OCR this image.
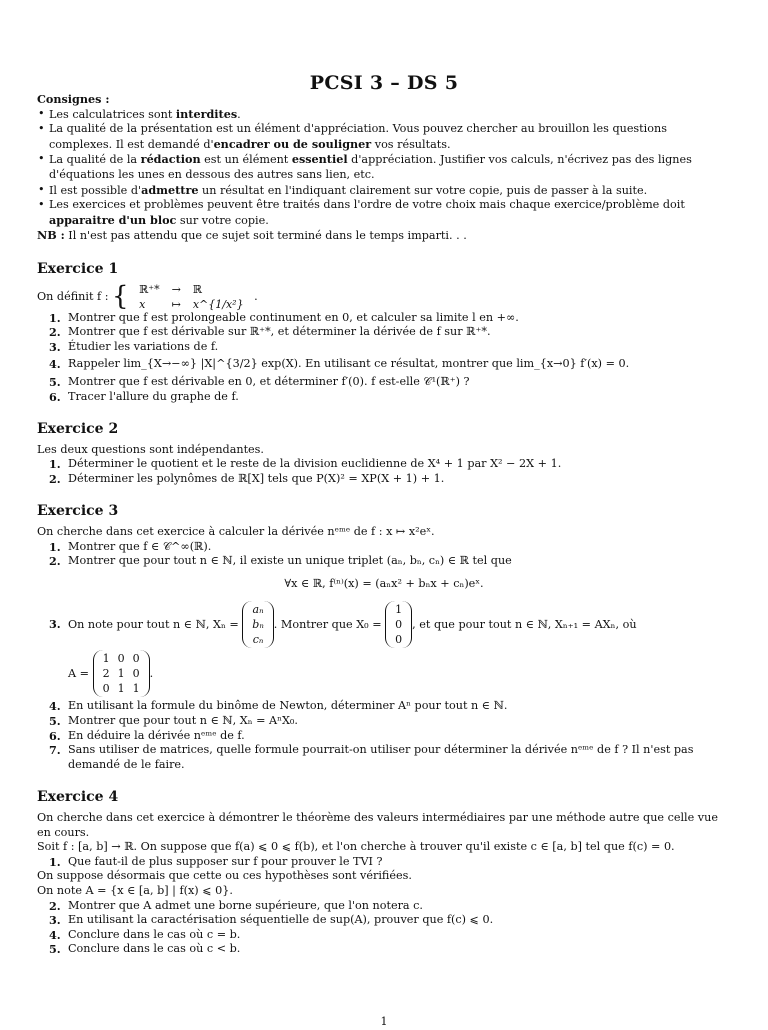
PCSI 3 – DS 5
Consignes :
• Les calculatrices sont interdites.
• La qualité de la présentation est un élément d'appréciation. Vous pouvez chercher au brouillon les questions complexes. Il est demandé d'encadrer ou de souligner vos résultats.
• La qualité de la rédaction est un élément essentiel d'appréciation. Justifier vos calculs, n'écrivez pas des lignes d'équations les unes en dessous des autres sans lien, etc.
• Il est possible d'admettre un résultat en l'indiquant clairement sur votre copie, puis de passer à la suite.
• Les exercices et problèmes peuvent être traités dans l'ordre de votre choix mais chaque exercice/problème doit apparaitre d'un bloc sur votre copie.
NB : Il n'est pas attendu que ce sujet soit terminé dans le temps imparti. . .
Exercice 1
On définit f : { ℝ⁺*	→	ℝ
x	↦	x^{1/x²} .
1. Montrer que f est prolongeable continument en 0, et calculer sa limite l en +∞.
2. Montrer que f est dérivable sur ℝ⁺*, et déterminer la dérivée de f sur ℝ⁺*.
3. Étudier les variations de f.
4. Rappeler lim_{X→−∞} |X|^{3/2} exp(X). En utilisant ce résultat, montrer que lim_{x→0} f′(x) = 0.
5. Montrer que f est dérivable en 0, et déterminer f′(0). f est-elle 𝒞¹(ℝ⁺) ?
6. Tracer l'allure du graphe de f.
Exercice 2
Les deux questions sont indépendantes.
1. Déterminer le quotient et le reste de la division euclidienne de X⁴ + 1 par X² − 2X + 1.
2. Déterminer les polynômes de ℝ[X] tels que P(X)² = XP(X + 1) + 1.
Exercice 3
On cherche dans cet exercice à calculer la dérivée nᵉᵐᵉ de f : x ↦ x²eˣ.
1. Montrer que f ∈ 𝒞^∞(ℝ).
2. Montrer que pour tout n ∈ ℕ, il existe un unique triplet (aₙ, bₙ, cₙ) ∈ ℝ tel que
∀x ∈ ℝ, f⁽ⁿ⁾(x) = (aₙx² + bₙx + cₙ)eˣ.
3. On note pour tout n ∈ ℕ, Xₙ =

aₙ
bₙ
cₙ
. Montrer que X₀ =

1
0
0
, et que pour tout n ∈ ℕ, Xₙ₊₁ = AXₙ, où
A =

1	0	0
2	1	0
0	1	1
.
4. En utilisant la formule du binôme de Newton, déterminer Aⁿ pour tout n ∈ ℕ.
5. Montrer que pour tout n ∈ ℕ, Xₙ = AⁿX₀.
6. En déduire la dérivée nᵉᵐᵉ de f.
7. Sans utiliser de matrices, quelle formule pourrait-on utiliser pour déterminer la dérivée nᵉᵐᵉ de f ? Il n'est pas demandé de le faire.
Exercice 4
On cherche dans cet exercice à démontrer le théorème des valeurs intermédiaires par une méthode autre que celle vue en cours.
Soit f : [a, b] → ℝ. On suppose que f(a) ⩽ 0 ⩽ f(b), et l'on cherche à trouver qu'il existe c ∈ [a, b] tel que f(c) = 0.
1. Que faut-il de plus supposer sur f pour prouver le TVI ?
On suppose désormais que cette ou ces hypothèses sont vérifiées.
On note A = {x ∈ [a, b] | f(x) ⩽ 0}.
2. Montrer que A admet une borne supérieure, que l'on notera c.
3. En utilisant la caractérisation séquentielle de sup(A), prouver que f(c) ⩽ 0.
4. Conclure dans le cas où c = b.
5. Conclure dans le cas où c < b.
1
